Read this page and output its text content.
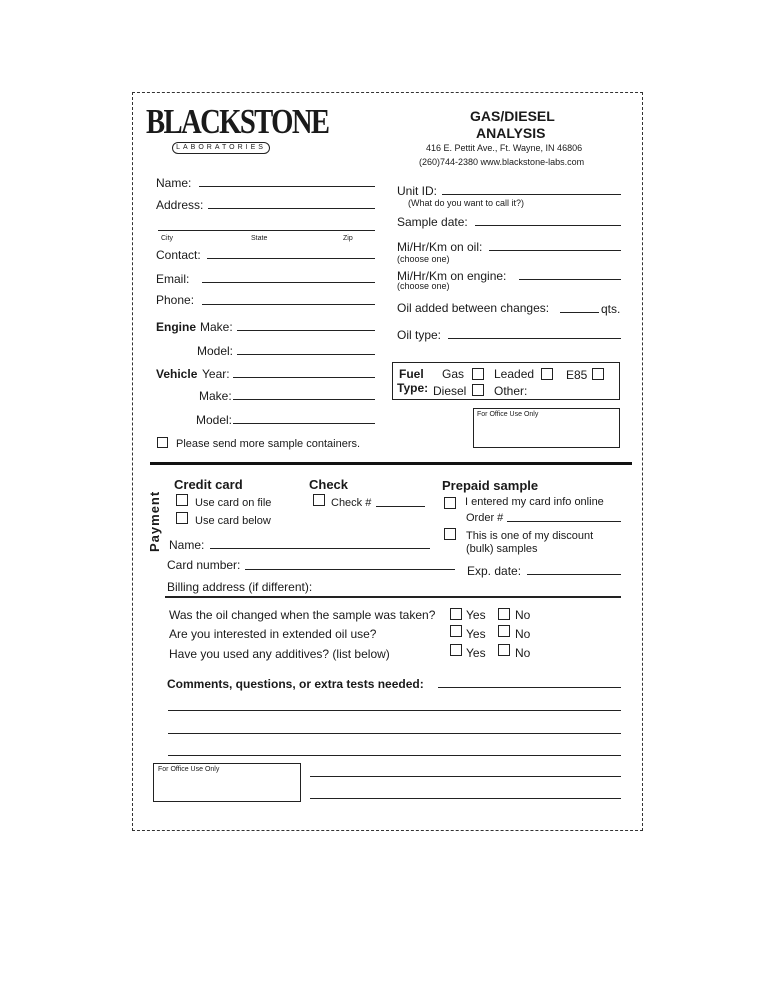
BLACKSTONE
LABORATORIES
GAS/DIESEL
ANALYSIS
416 E. Pettit Ave., Ft. Wayne, IN 46806
(260)744-2380 www.blackstone-labs.com
Name:
Address:
City	State	Zip
Contact:
Email:
Phone:
Engine Make:
Model:
Vehicle Year:
Make:
Model:
Please send more sample containers.
Unit ID:
(What do you want to call it?)
Sample date:
Mi/Hr/Km on oil:
(choose one)
Mi/Hr/Km on engine:
(choose one)
Oil added between changes:	qts.
Oil type:
Fuel
Type:
Gas Leaded	E85
Diesel Other:
For Office Use Only
Payment
Credit card
Use card on file
Use card below
Check
Check #
Prepaid sample
I entered my card info online
Order #
This is one of my discount
(bulk) samples
Name:
Card number:	Exp. date:
Billing address (if different):
Was the oil changed when the sample was taken?	Yes No
Are you interested in extended oil use?	Yes No
Have you used any additives? (list below)	Yes No
Comments, questions, or extra tests needed:
For Office Use Only
